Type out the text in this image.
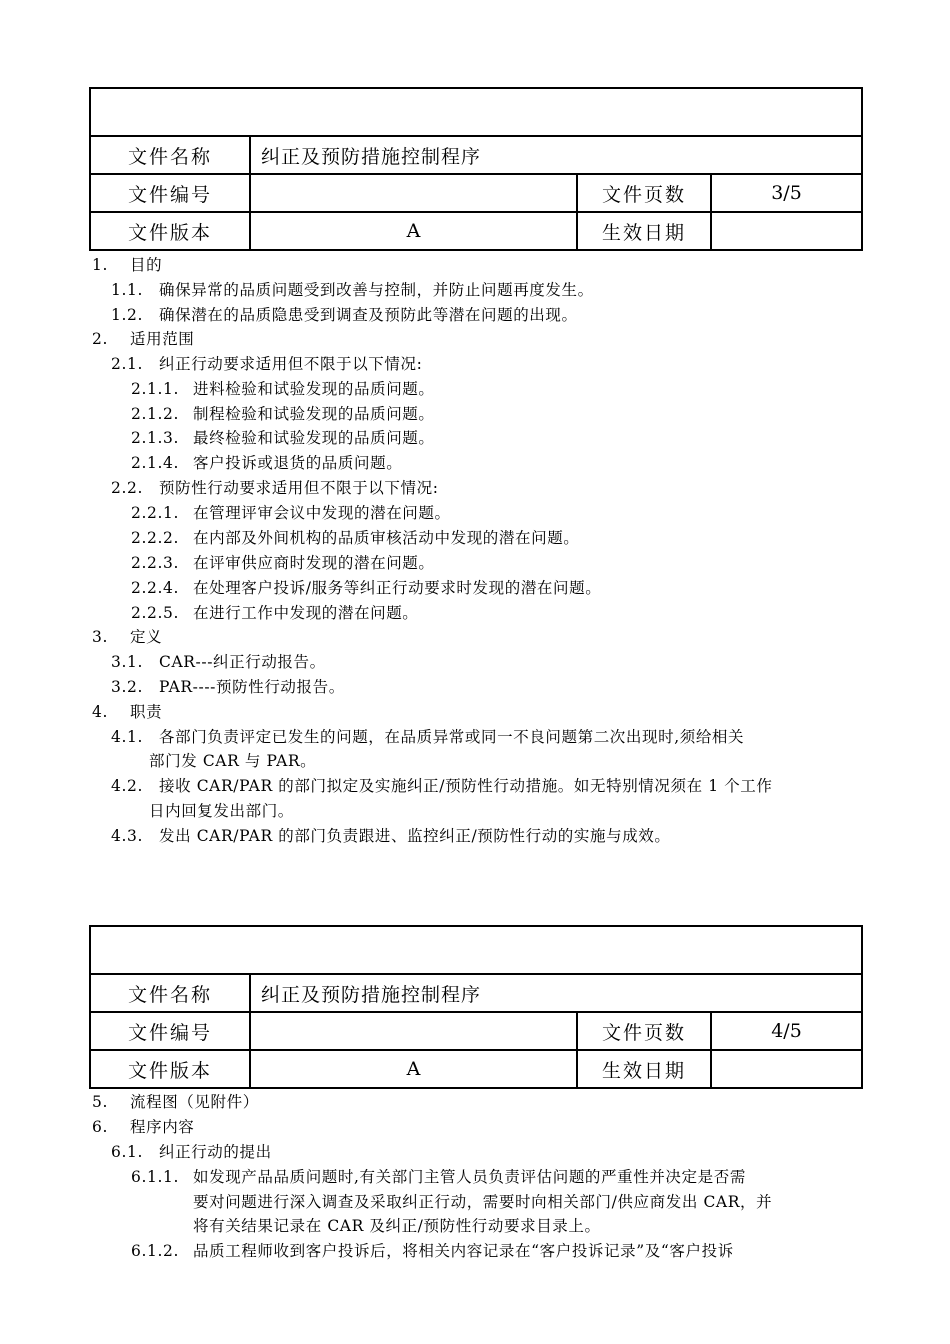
文件名称	纠正及预防措施控制程序		
文件编号		文件页数	3/5
文件版本	A	生效日期	
1. 目的
1.1. 确保异常的品质问题受到改善与控制，并防止问题再度发生。
1.2. 确保潜在的品质隐患受到调查及预防此等潜在问题的出现。
2. 适用范围
2.1. 纠正行动要求适用但不限于以下情况:
2.1.1. 进料检验和试验发现的品质问题。
2.1.2. 制程检验和试验发现的品质问题。
2.1.3. 最终检验和试验发现的品质问题。
2.1.4. 客户投诉或退货的品质问题。
2.2. 预防性行动要求适用但不限于以下情况:
2.2.1. 在管理评审会议中发现的潜在问题。
2.2.2. 在内部及外间机构的品质审核活动中发现的潜在问题。
2.2.3. 在评审供应商时发现的潜在问题。
2.2.4. 在处理客户投诉/服务等纠正行动要求时发现的潜在问题。
2.2.5. 在进行工作中发现的潜在问题。
3. 定义
3.1. CAR---纠正行动报告。
3.2. PAR----预防性行动报告。
4. 职责
4.1. 各部门负责评定已发生的问题，在品质异常或同一不良问题第二次出现时,须给相关
部门发 CAR 与 PAR。
4.2. 接收 CAR/PAR 的部门拟定及实施纠正/预防性行动措施。如无特别情况须在 1 个工作
日内回复发出部门。
4.3. 发出 CAR/PAR 的部门负责跟进、监控纠正/预防性行动的实施与成效。

文件名称	纠正及预防措施控制程序		
文件编号		文件页数	4/5
文件版本	A	生效日期	
5. 流程图（见附件）
6. 程序内容
6.1. 纠正行动的提出
6.1.1. 如发现产品品质问题时,有关部门主管人员负责评估问题的严重性并决定是否需
要对问题进行深入调查及采取纠正行动，需要时向相关部门/供应商发出 CAR，并
将有关结果记录在 CAR 及纠正/预防性行动要求目录上。
6.1.2. 品质工程师收到客户投诉后，将相关内容记录在“客户投诉记录”及“客户投诉
